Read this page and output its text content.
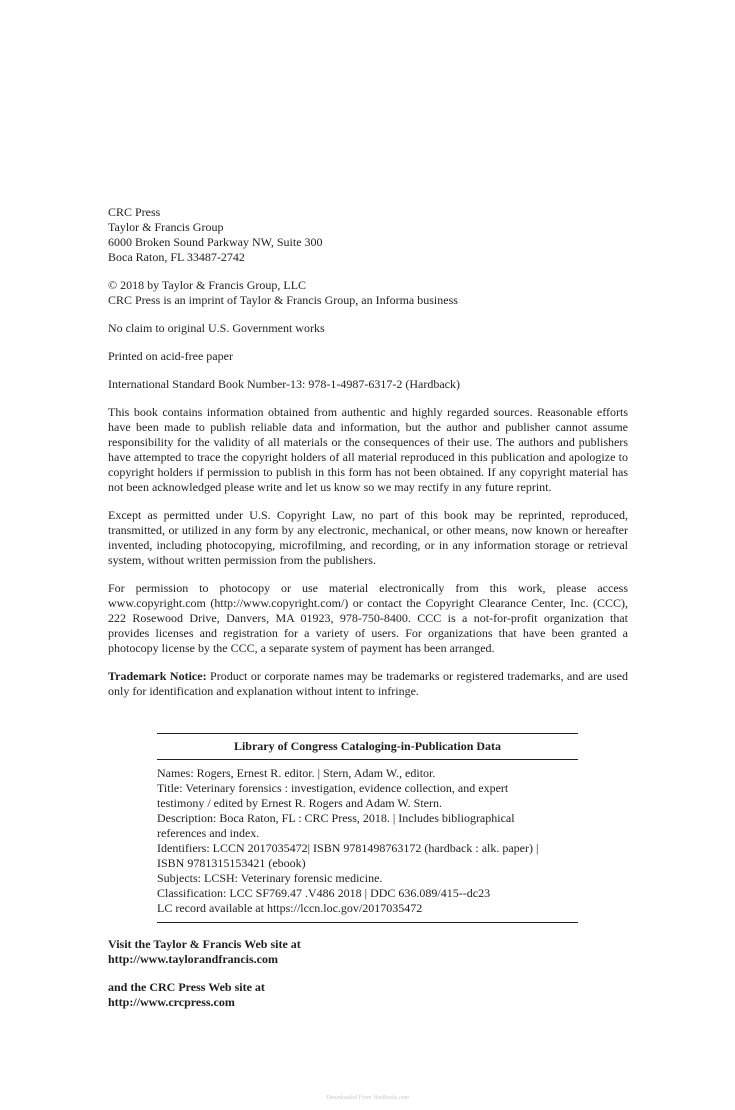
CRC Press
Taylor & Francis Group
6000 Broken Sound Parkway NW, Suite 300
Boca Raton, FL 33487-2742
© 2018 by Taylor & Francis Group, LLC
CRC Press is an imprint of Taylor & Francis Group, an Informa business

No claim to original U.S. Government works

Printed on acid-free paper

International Standard Book Number-13: 978-1-4987-6317-2 (Hardback)

This book contains information obtained from authentic and highly regarded sources. Reasonable efforts have been made to publish reliable data and information, but the author and publisher cannot assume responsibility for the validity of all materials or the consequences of their use. The authors and publishers have attempted to trace the copyright holders of all material reproduced in this publication and apologize to copyright holders if permission to publish in this form has not been obtained. If any copyright material has not been acknowledged please write and let us know so we may rectify in any future reprint.

Except as permitted under U.S. Copyright Law, no part of this book may be reprinted, reproduced, transmitted, or utilized in any form by any electronic, mechanical, or other means, now known or hereafter invented, including photocopying, microfilming, and recording, or in any information storage or retrieval system, without written permission from the publishers.

For permission to photocopy or use material electronically from this work, please access www.copyright.com (http://www.copyright.com/) or contact the Copyright Clearance Center, Inc. (CCC), 222 Rosewood Drive, Danvers, MA 01923, 978-750-8400. CCC is a not-for-profit organization that provides licenses and registration for a variety of users. For organizations that have been granted a photocopy license by the CCC, a separate system of payment has been arranged.

Trademark Notice: Product or corporate names may be trademarks or registered trademarks, and are used only for identification and explanation without intent to infringe.

Library of Congress Cataloging-in-Publication Data
Names: Rogers, Ernest R. editor. | Stern, Adam W., editor.
Title: Veterinary forensics : investigation, evidence collection, and expert
testimony / edited by Ernest R. Rogers and Adam W. Stern.
Description: Boca Raton, FL : CRC Press, 2018. | Includes bibliographical
references and index.
Identifiers: LCCN 2017035472| ISBN 9781498763172 (hardback : alk. paper) |
ISBN 9781315153421 (ebook)
Subjects: LCSH: Veterinary forensic medicine.
Classification: LCC SF769.47 .V486 2018 | DDC 636.089/415--dc23
LC record available at https://lccn.loc.gov/2017035472
Visit the Taylor & Francis Web site at
http://www.taylorandfrancis.com
and the CRC Press Web site at
http://www.crcpress.com
Downloaded From VetsBooks.com
